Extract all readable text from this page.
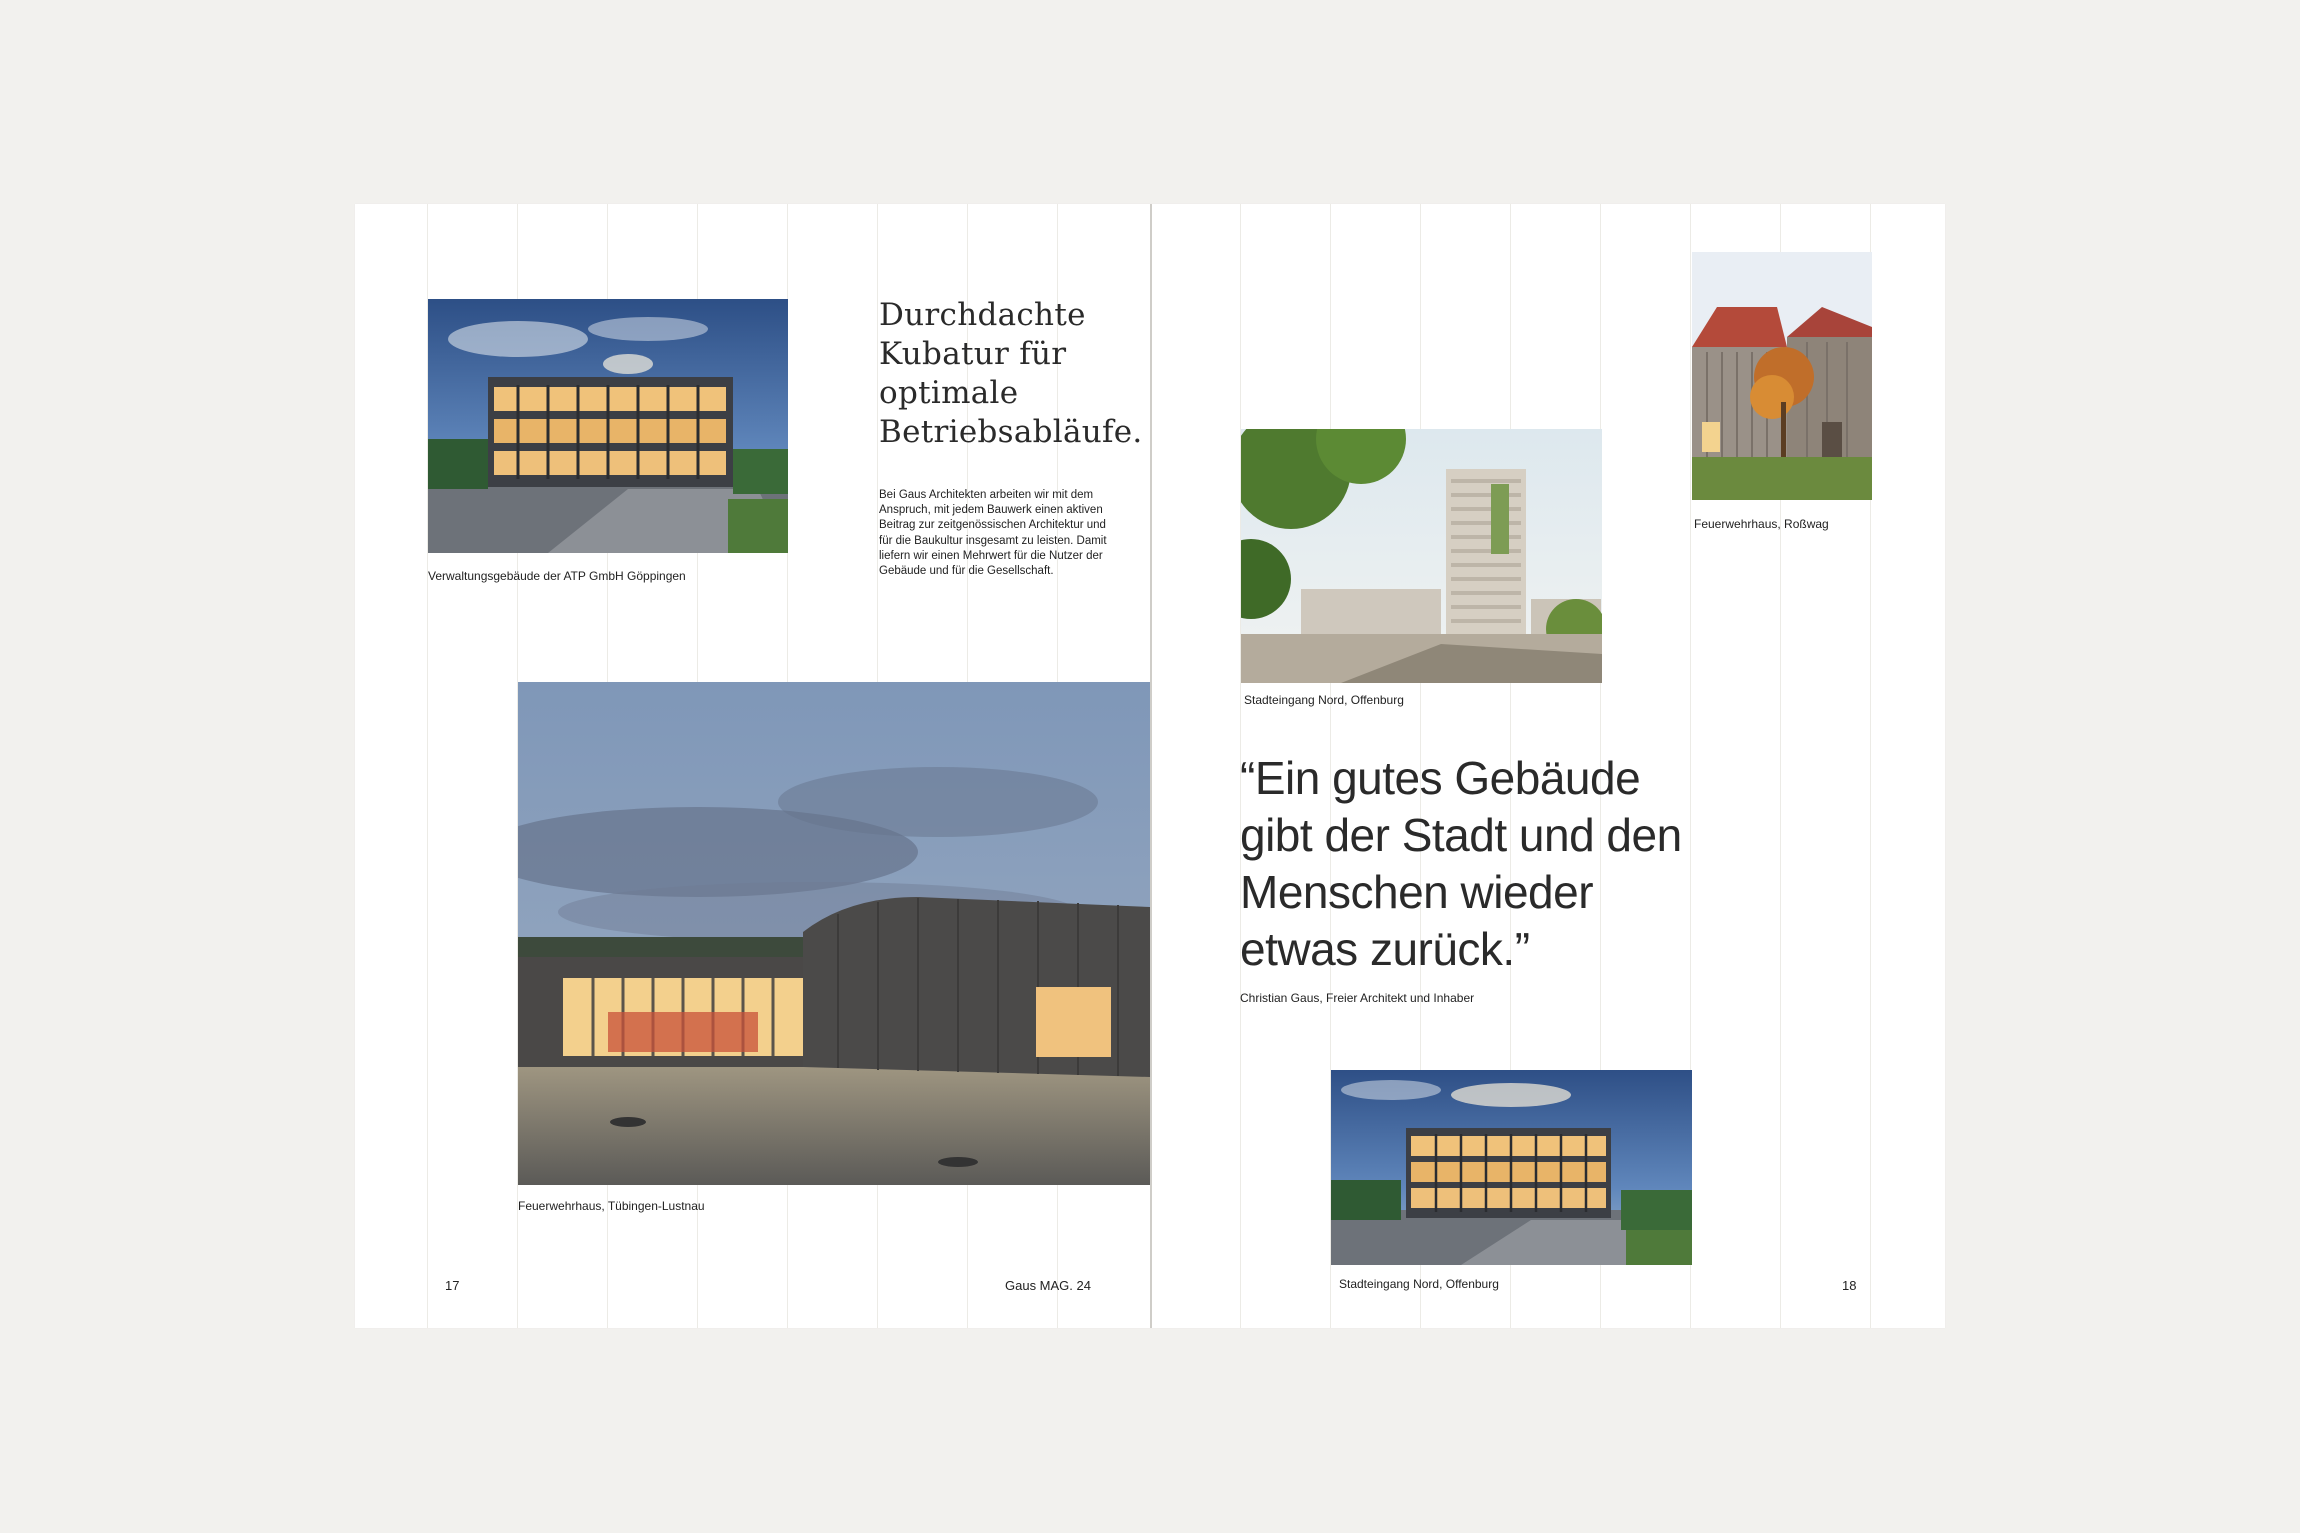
Verwaltungsgebäude der ATP GmbH Göppingen
Durchdachte
Kubatur für
optimale
Betriebsabläufe.
Bei Gaus Architekten arbeiten wir mit dem
Anspruch, mit jedem Bauwerk einen aktiven
Beitrag zur zeitgenössischen Architektur und
für die Baukultur insgesamt zu leisten. Damit
liefern wir einen Mehrwert für die Nutzer der
Gebäude und für die Gesellschaft.
Feuerwehrhaus, Tübingen-Lustnau
17	Gaus MAG. 24
Feuerwehrhaus, Roßwag
Stadteingang Nord, Offenburg
“Ein gutes Gebäude
gibt der Stadt und den
Menschen wieder
etwas zurück.”
Christian Gaus, Freier Architekt und Inhaber
Stadteingang Nord, Offenburg	18
